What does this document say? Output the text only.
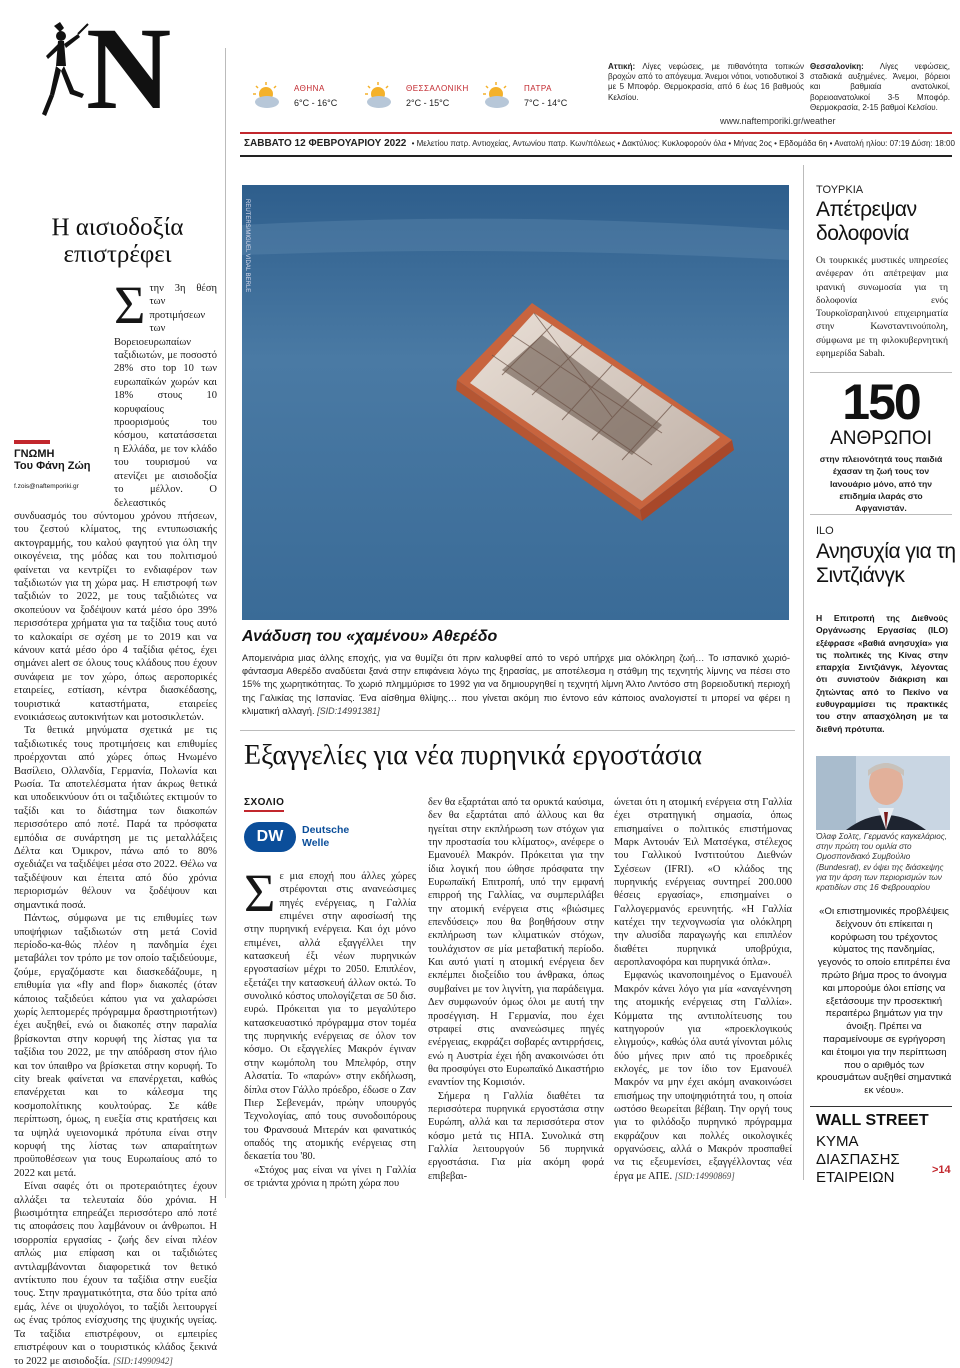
N	ΑΘΗΝΑ
6°C - 16°C
ΘΕΣΣΑΛΟΝΙΚΗ
2°C - 15°C
ΠΑΤΡΑ
7°C - 14°C
Αττική: Λίγες νεφώσεις, με πιθανότητα τοπικών βροχών από το απόγευμα. Άνεμοι νότιοι, νοτιοδυτικοί 3 με 5 Μποφόρ. Θερμοκρασία, από 6 έως 16 βαθμούς Κελσίου.
Θεσσαλονίκη: Λίγες νεφώσεις, σταδιακά αυξημένες. Άνεμοι, βόρειοι και βαθμιαία ανατολικοί, βορειοανατολικοί 3-5 Μποφόρ. Θερμοκρασία, 2-15 βαθμοί Κελσίου.
www.naftemporiki.gr/weather
ΣΑΒΒΑΤΟ 12 ΦΕΒΡΟΥΑΡΙΟΥ 2022 • Μελετίου πατρ. Αντιοχείας, Αντωνίου πατρ. Κων/πόλεως • Δακτύλιος: Κυκλοφορούν όλα • Μήνας 2ος • Εβδομάδα 6η • Ανατολή ηλίου: 07:19 Δύση: 18:00
Η αισιοδοξία επιστρέφει
ΓΝΩΜΗ
Του Φάνη Ζώη
f.zois@naftemporiki.gr

Στην 3η θέση των προτιμήσεων των Βορειοευρωπαίων ταξιδιωτών, με ποσοστό 28% στο top 10 των ευρωπαϊκών χωρών και 18% στους 10 κορυφαίους προορισμούς του κόσμου, κατατάσσεται η Ελλάδα, με τον κλάδο του τουρισμού να ατενίζει με αισιοδοξία το μέλλον. Ο δελεαστικός συνδυασμός του σύντομου χρόνου πτήσεων, του ζεστού κλίματος, της εντυπωσιακής ακτογραμμής, του καλού φαγητού για όλη την οικογένεια, της μόδας και του πολιτισμού φαίνεται να κεντρίζει το ενδιαφέρον των ταξιδιωτών για τη χώρα μας. Η επιστροφή των ταξιδιών το 2022, με τους ταξιδιώτες να σκοπεύουν να ξοδέψουν κατά μέσο όρο 39% περισσότερα χρήματα για τα ταξίδια τους αυτό το καλοκαίρι σε σχέση με το 2019 και να κάνουν κατά μέσο όρο 4 ταξίδια φέτος, έχει σημάνει alert σε όλους τους κλάδους που έχουν συνάφεια με τον χώρο, όπως αεροπορικές εταιρείες, εστίαση, κέντρα διασκέδασης, τουριστικά καταστήματα, εταιρείες ενοικιάσεως αυτοκινήτων και μοτοσικλετών.

Τα θετικά μηνύματα σχετικά με τις ταξιδιωτικές τους προτιμήσεις και επιθυμίες προέρχονται από χώρες όπως Ηνωμένο Βασίλειο, Ολλανδία, Γερμανία, Πολωνία και Ρωσία. Τα αποτελέσματα ήταν άκρως θετικά και υποδεικνύουν ότι οι ταξιδιώτες εκτιμούν το ταξίδι και το διάστημα των διακοπών περισσότερο από ποτέ. Παρά τα πρόσφατα εμπόδια σε συνάρτηση με τις μεταλλάξεις Δέλτα και Όμικρον, πάνω από το 80% σχεδιάζει να ταξιδέψει μέσα στο 2022. Θέλω να ταξιδέψουν και έπειτα από δύο χρόνια περιορισμών θέλουν να ξοδέψουν και σημαντικά ποσά.

Πάντως, σύμφωνα με τις επιθυμίες των υποψήφιων ταξιδιωτών στη μετά Covid περίοδο-κα-θώς πλέον η πανδημία έχει μεταβάλει τον τρόπο με τον οποίο ταξιδεύουμε, ζούμε, εργαζόμαστε και διασκεδάζουμε, η επιθυμία για «fly and flop» διακοπές (όταν κάποιος ταξιδεύει κάπου για να χαλαρώσει χωρίς λεπτομερές πρόγραμμα δραστηριοτήτων) έχει αυξηθεί, ενώ οι διακοπές στην παραλία βρίσκονται στην κορυφή της λίστας για τα ταξίδια του 2022, με την απόδραση στον ήλιο και τον ύπαιθρο να βρίσκεται στην κορυφή. Το city break φαίνεται να επανέρχεται, καθώς επανέρχεται και το κάλεσμα της κοσμοπολίτικης κουλτούρας. Σε κάθε περίπτωση, όμως, η ευεξία στις κρατήσεις και τα υψηλά υγειονομικά πρότυπα είναι στην κορυφή της λίστας των απαραίτητων προϋποθέσεων για τους Ευρωπαίους από το 2022 και μετά.

Είναι σαφές ότι οι προτεραιότητες έχουν αλλάξει τα τελευταία δύο χρόνια. Η βιωσιμότητα επηρεάζει περισσότερο από ποτέ τις αποφάσεις που λαμβάνουν οι άνθρωποι. Η ισορροπία εργασίας - ζωής δεν είναι πλέον απλώς μια επίφαση και οι ταξιδιώτες αντιλαμβάνονται διαφορετικά τον θετικό αντίκτυπο που έχουν τα ταξίδια στην ευεξία τους. Στην πραγματικότητα, στα δύο τρίτα από εμάς, λένε οι ψυχολόγοι, το ταξίδι λειτουργεί ως ένας τρόπος ενίσχυσης της ψυχικής υγείας. Τα ταξίδια επιστρέφουν, οι εμπειρίες επιστρέφουν και ο τουριστικός κλάδος ξεκινά το 2022 με αισιοδοξία. [SID:14990942]

REUTERS/MIGUEL VIDAL BERLE
Ανάδυση του «χαμένου» Αθερέδο
Απομεινάρια μιας άλλης εποχής, για να θυμίζει ότι πριν καλυφθεί από το νερό υπήρχε μια ολόκληρη ζωή… Το ισπανικό χωριό-φάντασμα Αθερέδο αναδύεται ξανά στην επιφάνεια λόγω της ξηρασίας, με αποτέλεσμα η στάθμη της τεχνητής λίμνης να πέσει στο 15% της χωρητικότητας. Το χωριό πλημμύρισε το 1992 για να δημιουργηθεί η τεχνητή λίμνη Άλτο Λιντόσο στη βορειοδυτική περιοχή της Γαλικίας της Ισπανίας. Ένα αίσθημα θλίψης… που γίνεται ακόμη πιο έντονο εάν κάποιος αναλογιστεί τι μπορεί να φέρει η κλιματική αλλαγή. [SID:14991381]
Εξαγγελίες για νέα πυρηνικά εργοστάσια
ΣΧΟΛΙΟ
DW	Deutsche
Welle

Σε μια εποχή που άλλες χώρες στρέφονται στις ανανεώσιμες πηγές ενέργειας, η Γαλλία επιμένει στην αφοσίωσή της στην πυρηνική ενέργεια. Και όχι μόνο επιμένει, αλλά εξαγγέλλει την κατασκευή έξι νέων πυρηνικών εργοστασίων μέχρι το 2050. Επιπλέον, εξετάζει την κατασκευή άλλων οκτώ. Το συνολικό κόστος υπολογίζεται σε 50 δισ. ευρώ. Πρόκειται για το μεγαλύτερο κατασκευαστικό πρόγραμμα στον τομέα της πυρηνικής ενέργειας σε όλον τον κόσμο. Οι εξαγγελίες Μακρόν έγιναν στην κωμόπολη του Μπελφόρ, στην Αλσατία. Το «παρών» στην εκδήλωση, δίπλα στον Γάλλο πρόεδρο, έδωσε ο Ζαν Πιερ Σεβενεμάν, πρώην υπουργός Τεχνολογίας, από τους συνοδοιπόρους του Φρανσουά Μιτεράν και φανατικός οπαδός της ατομικής ενέργειας στη δεκαετία του '80.

«Στόχος μας είναι να γίνει η Γαλλία σε τριάντα χρόνια η πρώτη χώρα που

δεν θα εξαρτάται από τα ορυκτά καύσιμα, δεν θα εξαρτάται από άλλους και θα ηγείται στην εκπλήρωση των στόχων για την προστασία του κλίματος», ανέφερε ο Εμανουέλ Μακρόν. Πρόκειται για την ίδια λογική που ώθησε πρόσφατα την Ευρωπαϊκή Επιτροπή, υπό την εμφανή επιρροή της Γαλλίας, να συμπεριλάβει την ατομική ενέργεια στις «βιώσιμες επενδύσεις» που θα βοηθήσουν στην εκπλήρωση των κλιματικών στόχων, τουλάχιστον σε μία μεταβατική περίοδο. Και αυτό γιατί η ατομική ενέργεια δεν εκπέμπει διοξείδιο του άνθρακα, όπως συμβαίνει με τον λιγνίτη, για παράδειγμα. Δεν συμφωνούν όμως όλοι με αυτή την προσέγγιση. Η Γερμανία, που έχει στραφεί στις ανανεώσιμες πηγές ενέργειας, εκφράζει σοβαρές αντιρρήσεις, ενώ η Αυστρία έχει ήδη ανακοινώσει ότι θα προσφύγει στο Ευρωπαϊκό Δικαστήριο εναντίον της Κομισιόν.

Σήμερα η Γαλλία διαθέτει τα περισσότερα πυρηνικά εργοστάσια στην Ευρώπη, αλλά και τα περισσότερα στον κόσμο μετά τις ΗΠΑ. Συνολικά στη Γαλλία λειτουργούν 56 πυρηνικά εργοστάσια. Για μία ακόμη φορά επιβεβαι-

ώνεται ότι η ατομική ενέργεια στη Γαλλία έχει στρατηγική σημασία, όπως επισημαίνει ο πολιτικός επιστήμονας Μαρκ Αντουάν Έιλ Ματσέγκα, στέλεχος του Γαλλικού Ινστιτούτου Διεθνών Σχέσεων (IFRI). «Ο κλάδος της πυρηνικής ενέργειας συντηρεί 200.000 θέσεις εργασίας», επισημαίνει ο Γαλλογερμανός ερευνητής. «Η Γαλλία κατέχει την τεχνογνωσία για ολόκληρη την αλυσίδα παραγωγής και επιπλέον διαθέτει πυρηνικά υποβρύχια, αεροπλανοφόρα και πυρηνικά όπλα».

Εμφανώς ικανοποιημένος ο Εμανουέλ Μακρόν κάνει λόγο για μία «αναγέννηση της ατομικής ενέργειας στη Γαλλία». Κόμματα της αντιπολίτευσης του κατηγορούν για «προεκλογικούς ελιγμούς», καθώς όλα αυτά γίνονται μόλις δύο μήνες πριν από τις προεδρικές εκλογές, με τον ίδιο τον Εμανουέλ Μακρόν να μην έχει ακόμη ανακοινώσει επισήμως την υποψηφιότητά του, η οποία ωστόσο θεωρείται βέβαιη. Την οργή τους για το φιλόδοξο πυρηνικό πρόγραμμα εκφράζουν και πολλές οικολογικές οργανώσεις, αλλά ο Μακρόν προσπαθεί να τις εξευμενίσει, εξαγγέλλοντας νέα έργα με ΑΠΕ. [SID:14990869]

ΤΟΥΡΚΙΑ
Απέτρεψαν δολοφονία
Οι τουρκικές μυστικές υπηρεσίες ανέφεραν ότι απέτρεψαν μια ιρανική συνωμοσία για τη δολοφονία ενός Τουρκοϊσραηλινού επιχειρηματία στην Κωνσταντινούπολη, σύμφωνα με τη φιλοκυβερνητική εφημερίδα Sabah.
150
ΑΝΘΡΩΠΟΙ
στην πλειονότητά τους παιδιά έχασαν τη ζωή τους τον Ιανουάριο μόνο, από την επιδημία ιλαράς στο Αφγανιστάν.
ILO
Ανησυχία για τη Σιντζιάνγκ
Η Επιτροπή της Διεθνούς Οργάνωσης Εργασίας (ILO) εξέφρασε «βαθιά ανησυχία» για τις πολιτικές της Κίνας στην επαρχία Σιντζιάνγκ, λέγοντας ότι συνιστούν διάκριση και ζητώντας από το Πεκίνο να ευθυγραμμίσει τις πρακτικές του στην απασχόληση με τα διεθνή πρότυπα.
Όλαφ Σολτς, Γερμανός καγκελάριος, στην πρώτη του ομιλία στο Ομοσπονδιακό Συμβούλιο (Bundesrat), εν όψει της διάσκεψης για την άρση των περιορισμών των κρατιδίων στις 16 Φεβρουαρίου
«Οι επιστημονικές προβλέψεις δείχνουν ότι επίκειται η κορύφωση του τρέχοντος κύματος της πανδημίας, γεγονός το οποίο επιτρέπει ένα πρώτο βήμα προς το άνοιγμα και μπορούμε όλοι επίσης να εξετάσουμε την προσεκτική περαιτέρω βημάτων για την άνοιξη. Πρέπει να παραμείνουμε σε εγρήγορση και έτοιμοι για την περίπτωση που ο αριθμός των κρουσμάτων αυξηθεί σημαντικά εκ νέου».
WALL STREET
ΚΥΜΑ ΔΙΑΣΠΑΣΗΣ ΕΤΑΙΡΕΙΩΝ	>14
